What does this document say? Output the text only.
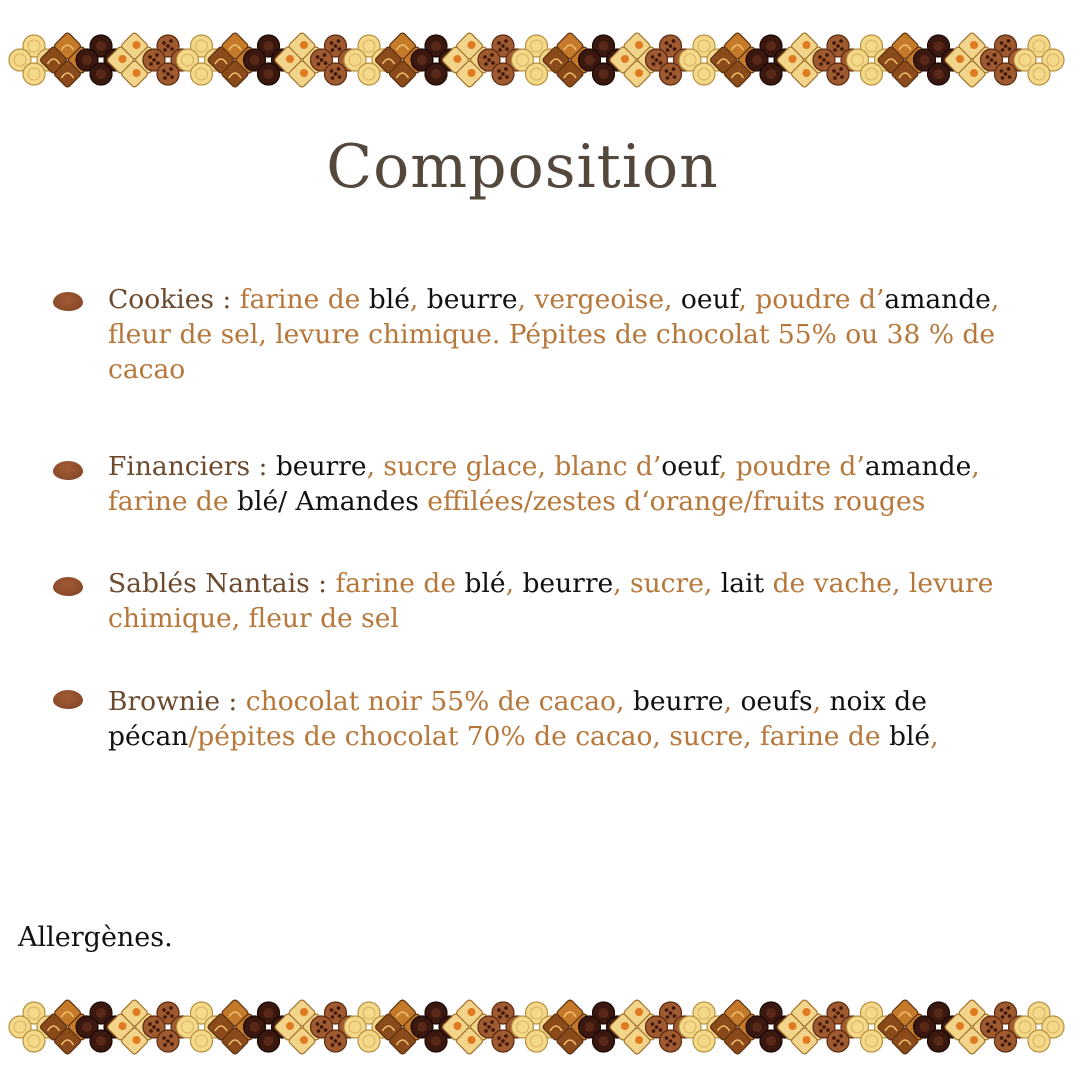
Composition
Cookies : farine de blé, beurre, vergeoise, oeuf, poudre d’amande, fleur de sel, levure chimique. Pépites de chocolat 55% ou 38 % de cacao
Financiers : beurre, sucre glace, blanc d’oeuf, poudre d’amande, farine de blé/ Amandes effilées/zestes d‘orange/fruits rouges
Sablés Nantais : farine de blé, beurre, sucre, lait de vache, levure chimique, fleur de sel
Brownie : chocolat noir 55% de cacao, beurre, oeufs, noix de pécan/pépites de chocolat 70% de cacao, sucre, farine de blé,
Allergènes.
